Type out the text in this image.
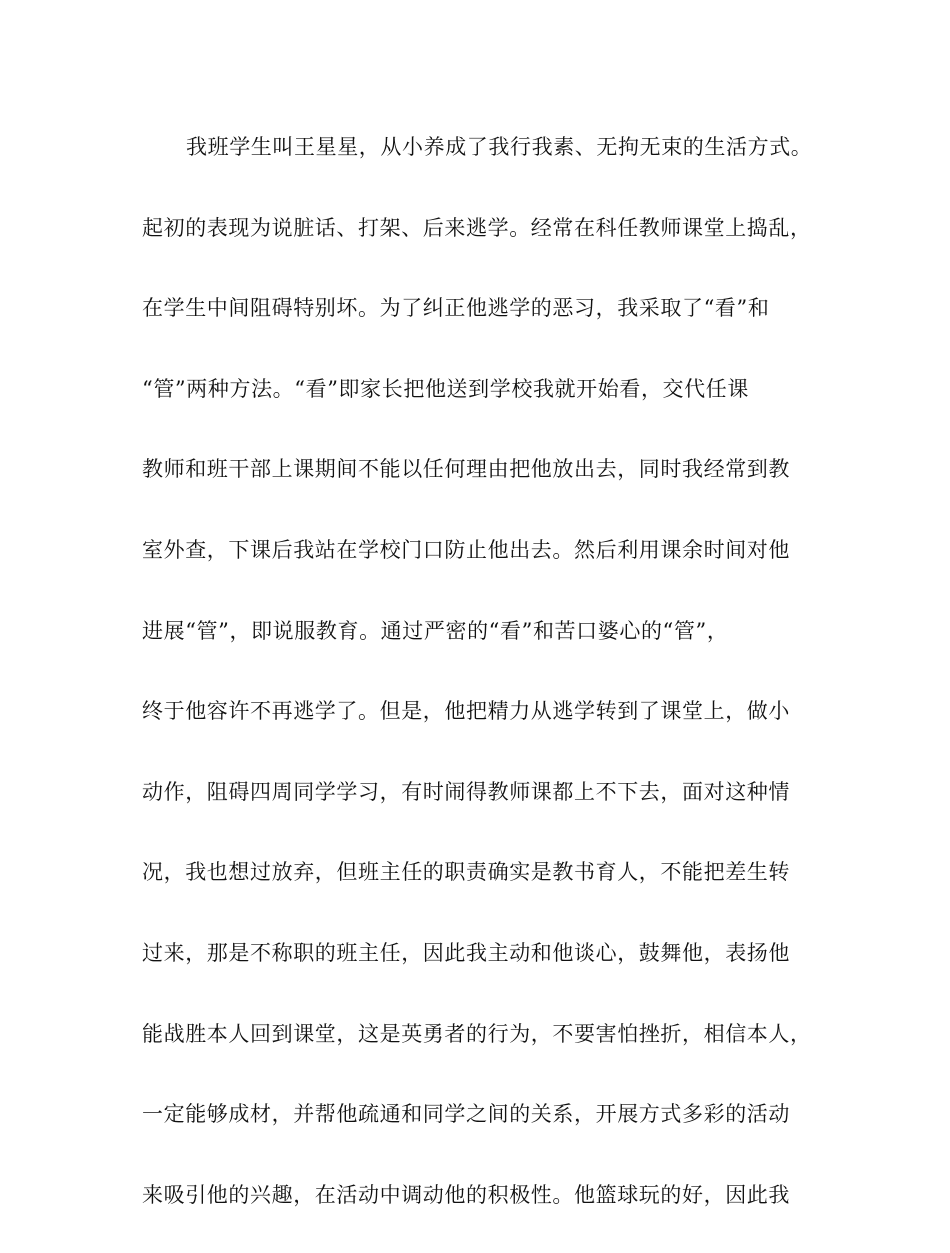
我班学生叫王星星，从小养成了我行我素、无拘无束的生活方式。
起初的表现为说脏话、打架、后来逃学。经常在科任教师课堂上捣乱，
在学生中间阻碍特别坏。为了纠正他逃学的恶习，我采取了“看”和
“管”两种方法。“看”即家长把他送到学校我就开始看，交代任课
教师和班干部上课期间不能以任何理由把他放出去，同时我经常到教
室外查，下课后我站在学校门口防止他出去。然后利用课余时间对他
进展“管”，即说服教育。通过严密的“看”和苦口婆心的“管”，
终于他容许不再逃学了。但是，他把精力从逃学转到了课堂上，做小
动作，阻碍四周同学学习，有时闹得教师课都上不下去，面对这种情
况，我也想过放弃，但班主任的职责确实是教书育人，不能把差生转
过来，那是不称职的班主任，因此我主动和他谈心，鼓舞他，表扬他
能战胜本人回到课堂，这是英勇者的行为，不要害怕挫折，相信本人，
一定能够成材，并帮他疏通和同学之间的关系，开展方式多彩的活动
来吸引他的兴趣，在活动中调动他的积极性。他篮球玩的好，因此我
